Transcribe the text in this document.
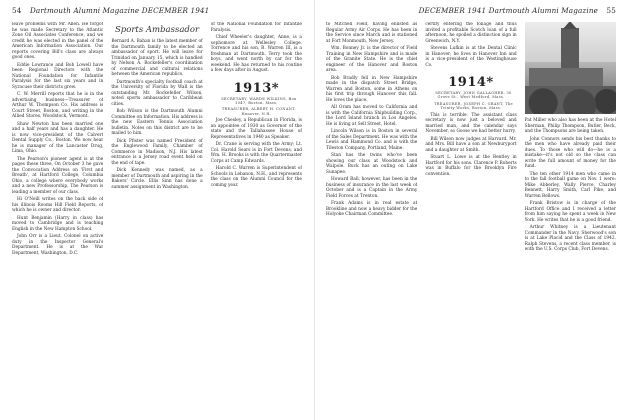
54 Dartmouth Alumni Magazine DECEMBER 1941

leave problems with Mr. Allen. He forgot he was made Secretary to the Atlantic Zone Oil Associates Conference, and we credit he was elected in the panel of the American Information Association. Our reports covering Bill's class are always good ones.

Eddie Lowrance and Bob Lowell have been Regional Directors with the National Foundation for Infantile Paralysis for the last six years and in Syracuse their districts grew.

C. W. Merrill reports that he is in the advertising business—Treasurer of Arthur W. Thompson Co. His address is Court Street, Boston, and writing in the Allied Stores, Woodstock, Vermont.

Shaw Newton has been married one and a half years and has a daughter. He is now vice-president of the Calvert Dental Supply Co., Boston. We now hear he is manager of the Lancaster Drug, Lima, Ohio.

The Pearson's pioneer agent is at the pages these three, On October 3 he gave the Convocation Address on 'First and Breath', at Hartford College, Columbia Ohio, a college where everybody works and a new Professorship, The Pearson is leading a member of our class.

Hi O'Neill writes on the back side of his illinois Rooms Hill Field Reports, of which he is owner and director.

Hunt Benjamin (Harry in class) has moved to Cambridge and is teaching English in the New Hampton School.

John Orr is a Lieut. Colonel on active duty in the Inspector General's Department. He is at the War Department, Washington, D.C.

Sports Ambassador

Bernard A. Bahan is the latest member of the Dartmouth family to be elected an ambassador of sport. He will leave for Trinidad on January 15, which is handled by Nelson A. Rockefeller's coordination of commercial and cultural relations between the American republics.

Dartmouth's specialty football coach at the University of Florida by Wall is the outstanding Mr. Rockefeller Wilson, noted sports ambassador to Caribbean cities.

Bob Wilson is the Dartmouth Alumni Committee on Information. His address is the new Eastern Tennis Association bulletin. Notes on this district are to be mailed to him.

Dick Pfister was named President of the Englewood Family, Chamber of Commerce in Madison, N.J. His latest entrance is a Jersey road event held on the end of tape.

Dick Kennedy was named, as a member of Dartmouth and aspiring in the Bakers' Circle. Ellis Sinn has done a summer assignment in Washington.

of the National Foundation for Infantile Paralysis.

Chief Wheeler's daughter, Anne, is a sophomore at Wellesley College. Torrence and his son, B. Warren III, is a freshman at Dartmouth. Terry took the boys, and went north by car for the weekend. He has returned to his routine a few days after in August.

1913*

SECRETARY, WARDE WILKINS, Box 1047, Boston, Mass.

TREASURER, ALBERT H. CONANT, Hanover, N.H.

Joe Chesley, a Republican in Florida, is an appointee of 1930 as Governor of the state and the Tallahassee House of Representatives in 1940 as Speaker.

Dr. Crane is serving with the Army; Lt. Col. Harold Sears is in Fort Devens, and Wm. H. Brooks is with the Quartermaster Corps at Camp Edwards.

Harold C. Warren is Superintendent of Schools in Lebanon, N.H., and represents the class on the Alumni Council for the coming year.

DECEMBER 1941 Dartmouth Alumni Magazine 55

to Mitchell Field, having enlisted as Regular Army Air Corps. He has been in the Service since March and is stationed at Fort Monmouth, New Jersey.

Wm. Bonney Jr. is the director of Field Training in New Hampshire and is made of the Granite State. He is the chief engineer of the Hanover and Boston area.

Bob Bradly fell in New Hampshire made in the dispatch Street Bridge, Warren and Boston, some in Athens on his first trip through Hanover this fall. He loves the place.

All Oram has moved to California and is with the California Shipbuilding Corp., the Lord Island branch in Los Angeles. He is living at Sell Street, Hotel.

Lincoln Wilson is in Boston in several of the Sales Department. He was with the Lewis and Hammond Co. and is with the Tileston Company, Portland, Maine.

Stan has the twins who've been showing our class at Woodstock and Walpole. Buck has an outing on Lake Sunapee.

Howard Ball, however, has been in the business of insurance in the last week of October and is a Captain in the Army Field Forces at Trenton.

Frank Adams is in real estate at Brookline and now a heavy bidder for the Holyoke Chairman Committee.

certify entering the foliage and thus invited a profitable Scotch loan of a full afternoon, he spoiled a distinction sign in Greenwich, N.Y.

Stevens Lufkin is at the Dental Clinic in Hanover; he lives in Hanover Inn and is a vice-president of the Westinghouse Co.

1914*

SECRETARY, JOHN GALLAGHER, 30 Grove St., West Medford, Mass.

TREASURER, JOSEPH C. GRANT, The Trinity Works, Boston, Mass.

This is terrible. The assistant class secretary is now just a beloved and married man, and the calendar says November, so Goose we had better hurry.

Bill Wilson now judges at Harvard. Mr. and Mrs. Bill have a son at Newburyport and a daughter at Smith.

Stuart L. Lowe is at the Bentley in Hartford for his sons. Clarence P. Roberts was in Buffalo for the Brooklyn Fire convention.

Pat Miller who also has been at the Hotel Sherman, Philip Thompson, Butler, Beck, and the Thompsons are being taken.

John Connors sends his best thanks to the men who have already paid their dues. To those who will do—he is a mistake—it's not old so the class can write the full amount of money for the fund.

The ten other 1914 men who came in to the fall football game on Nov. 1 were: Mike Abberley, Wally Pierce, Charley Bennett, Harry Smith, Carl Pike, and Warren Bellows.

Frank Bristow is in charge of the Hartford Office and I received a letter from him saying he spent a week in New York. He writes that he is a good friend.

Arthur Whitney is a Lieutenant Commander in the Navy. Sherwood's son is at Lake Placid and the Class of 1942. Ralph Stevens, a recent class member, is with the U.S. Corps Club, Fort Devens.
